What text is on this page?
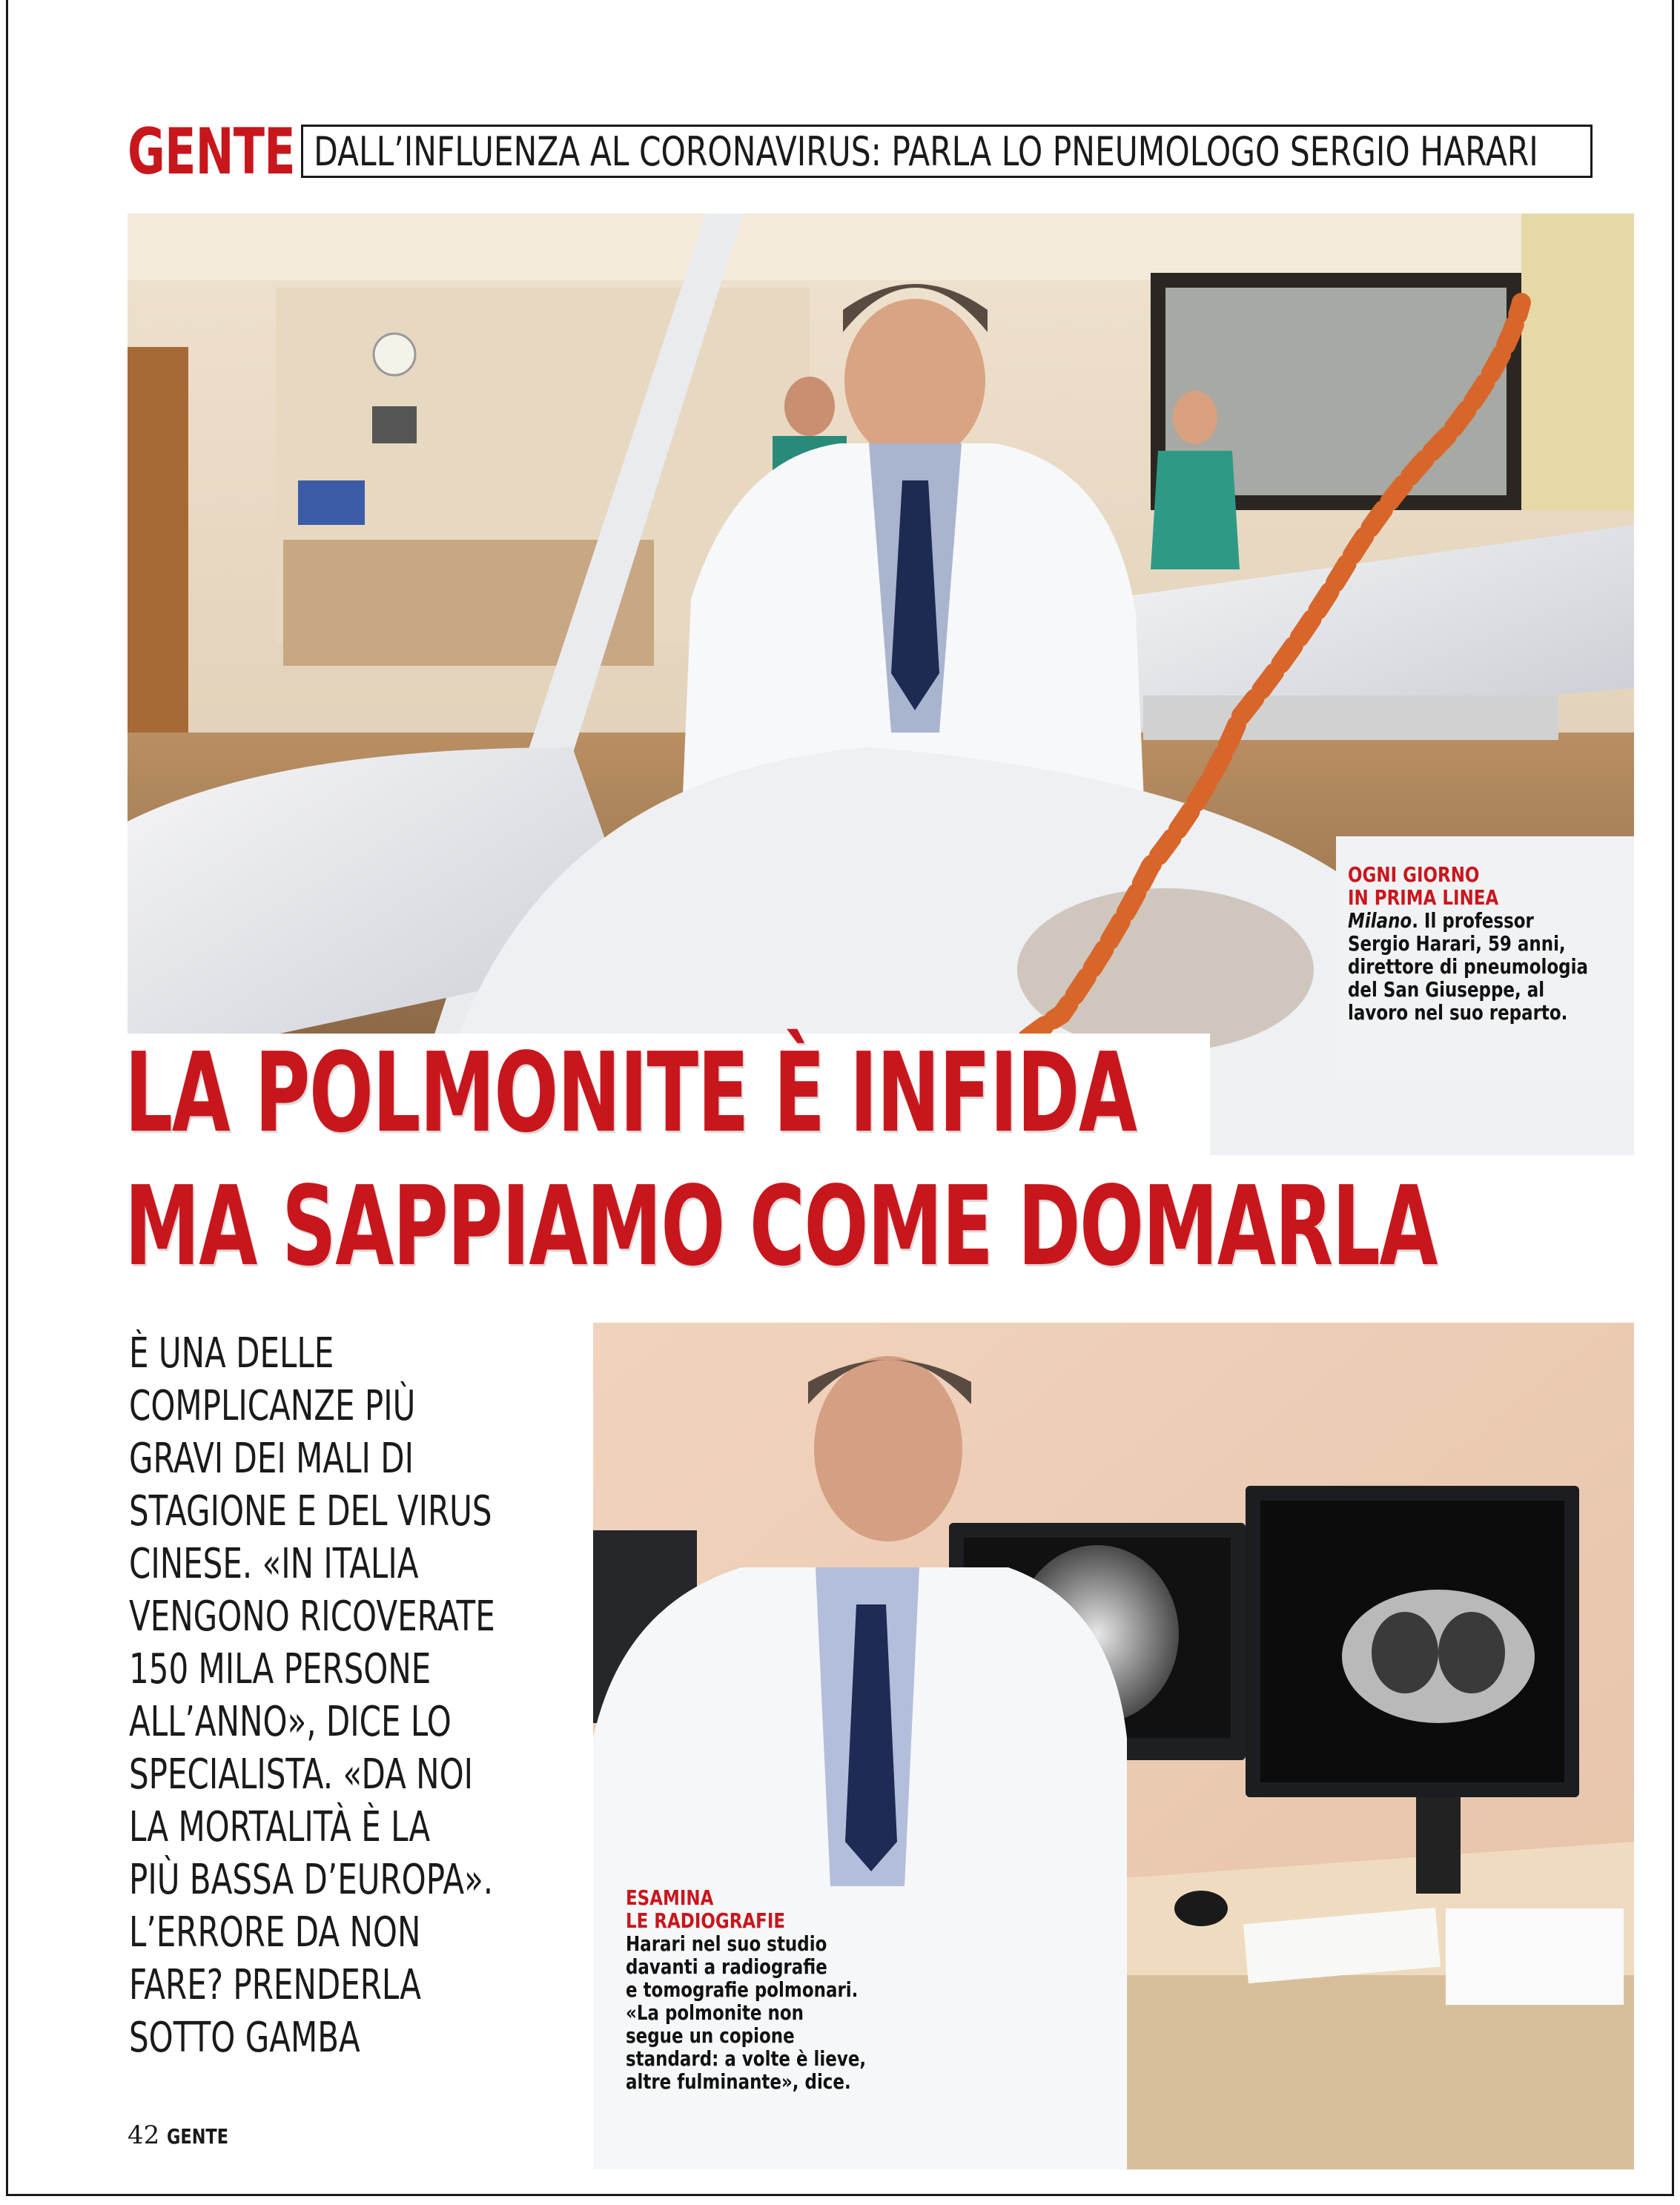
GENTE DALL’INFLUENZA AL CORONAVIRUS: PARLA LO PNEUMOLOGO SERGIO HARARI
LA POLMONITE È INFIDA
MA SAPPIAMO COME DOMARLA
OGNI GIORNO
IN PRIMA LINEA
Milano. Il professor
Sergio Harari, 59 anni,
direttore di pneumologia
del San Giuseppe, al
lavoro nel suo reparto.
È UNA DELLE
COMPLICANZE PIÙ
GRAVI DEI MALI DI
STAGIONE E DEL VIRUS
CINESE. «IN ITALIA
VENGONO RICOVERATE
150 MILA PERSONE
ALL’ANNO», DICE LO
SPECIALISTA. «DA NOI
LA MORTALITÀ È LA
PIÙ BASSA D’EUROPA».
L’ERRORE DA NON
FARE? PRENDERLA
SOTTO GAMBA
ESAMINA
LE RADIOGRAFIE
Harari nel suo studio
davanti a radiografie
e tomografie polmonari.
«La polmonite non
segue un copione
standard: a volte è lieve,
altre fulminante», dice.
42 GENTE
